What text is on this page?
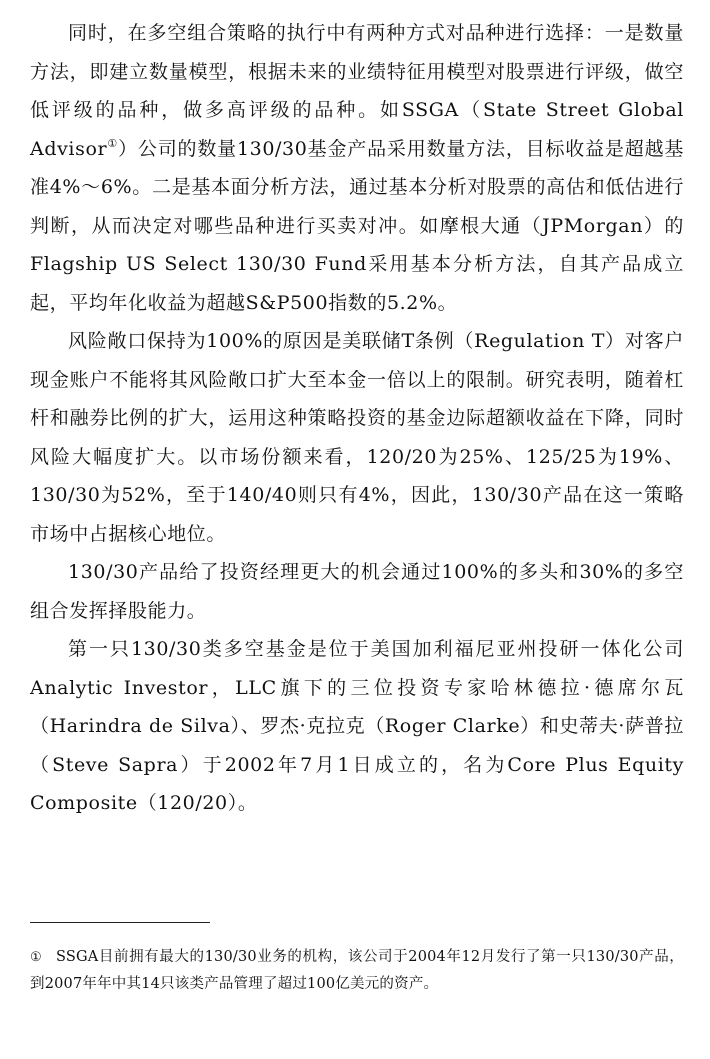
同时，在多空组合策略的执行中有两种方式对品种进行选择：一是数量方法，即建立数量模型，根据未来的业绩特征用模型对股票进行评级，做空低评级的品种，做多高评级的品种。如SSGA（State Street Global Advisor①）公司的数量130/30基金产品采用数量方法，目标收益是超越基准4%～6%。二是基本面分析方法，通过基本分析对股票的高估和低估进行判断，从而决定对哪些品种进行买卖对冲。如摩根大通（JPMorgan）的Flagship US Select 130/30 Fund采用基本分析方法，自其产品成立起，平均年化收益为超越S&P500指数的5.2%。

风险敞口保持为100%的原因是美联储T条例（Regulation T）对客户现金账户不能将其风险敞口扩大至本金一倍以上的限制。研究表明，随着杠杆和融券比例的扩大，运用这种策略投资的基金边际超额收益在下降，同时风险大幅度扩大。以市场份额来看，120/20为25%、125/25为19%、130/30为52%，至于140/40则只有4%，因此，130/30产品在这一策略市场中占据核心地位。

130/30产品给了投资经理更大的机会通过100%的多头和30%的多空组合发挥择股能力。

第一只130/30类多空基金是位于美国加利福尼亚州投研一体化公司Analytic Investor，LLC旗下的三位投资专家哈林德拉·德席尔瓦（Harindra de Silva）、罗杰·克拉克（Roger Clarke）和史蒂夫·萨普拉（Steve Sapra）于2002年7月1日成立的，名为Core Plus Equity Composite（120/20）。

① SSGA目前拥有最大的130/30业务的机构，该公司于2004年12月发行了第一只130/30产品，到2007年年中其14只该类产品管理了超过100亿美元的资产。
